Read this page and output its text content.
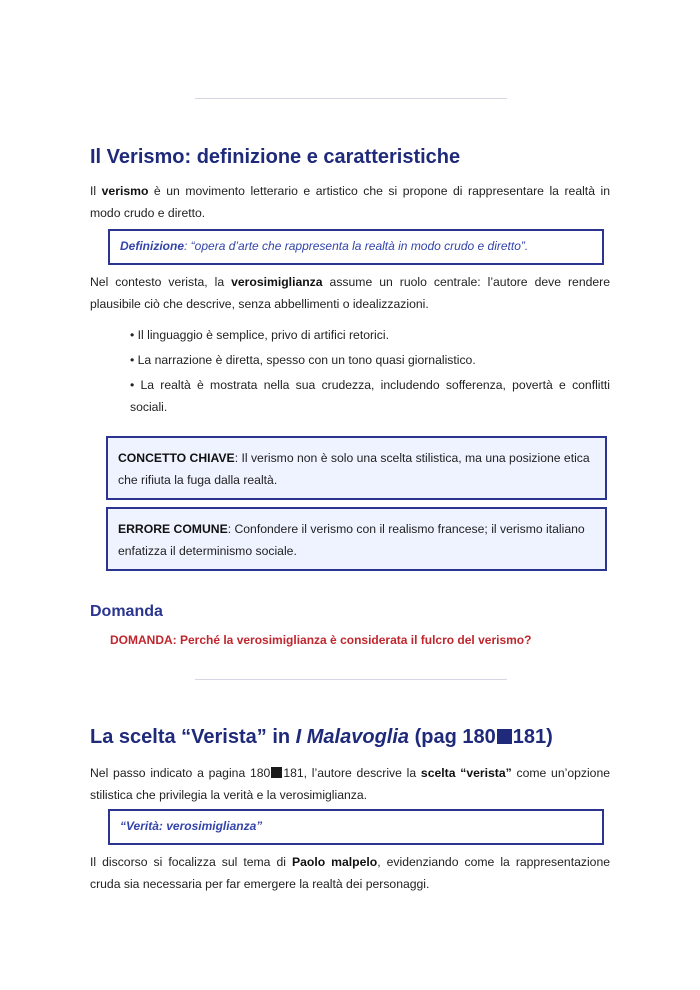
Il Verismo: definizione e caratteristiche

Il verismo è un movimento letterario e artistico che si propone di rappresentare la realtà in modo crudo e diretto.

Definizione: “opera d’arte che rappresenta la realtà in modo crudo e diretto”.

Nel contesto verista, la verosimiglianza assume un ruolo centrale: l’autore deve rendere plausibile ciò che descrive, senza abbellimenti o idealizzazioni.

• Il linguaggio è semplice, privo di artifici retorici.
• La narrazione è diretta, spesso con un tono quasi giornalistico.
• La realtà è mostrata nella sua crudezza, includendo sofferenza, povertà e conflitti sociali.
CONCETTO CHIAVE: Il verismo non è solo una scelta stilistica, ma una posizione etica che rifiuta la fuga dalla realtà.
ERRORE COMUNE: Confondere il verismo con il realismo francese; il verismo italiano enfatizza il determinismo sociale.
Domanda
DOMANDA: Perché la verosimiglianza è considerata il fulcro del verismo?
La scelta “Verista” in I Malavoglia (pag 180 181)

Nel passo indicato a pagina 180 181, l’autore descrive la scelta “verista” come un’opzione stilistica che privilegia la verità e la verosimiglianza.

“Verità: verosimiglianza”

Il discorso si focalizza sul tema di Paolo malpelo, evidenziando come la rappresentazione cruda sia necessaria per far emergere la realtà dei personaggi.
